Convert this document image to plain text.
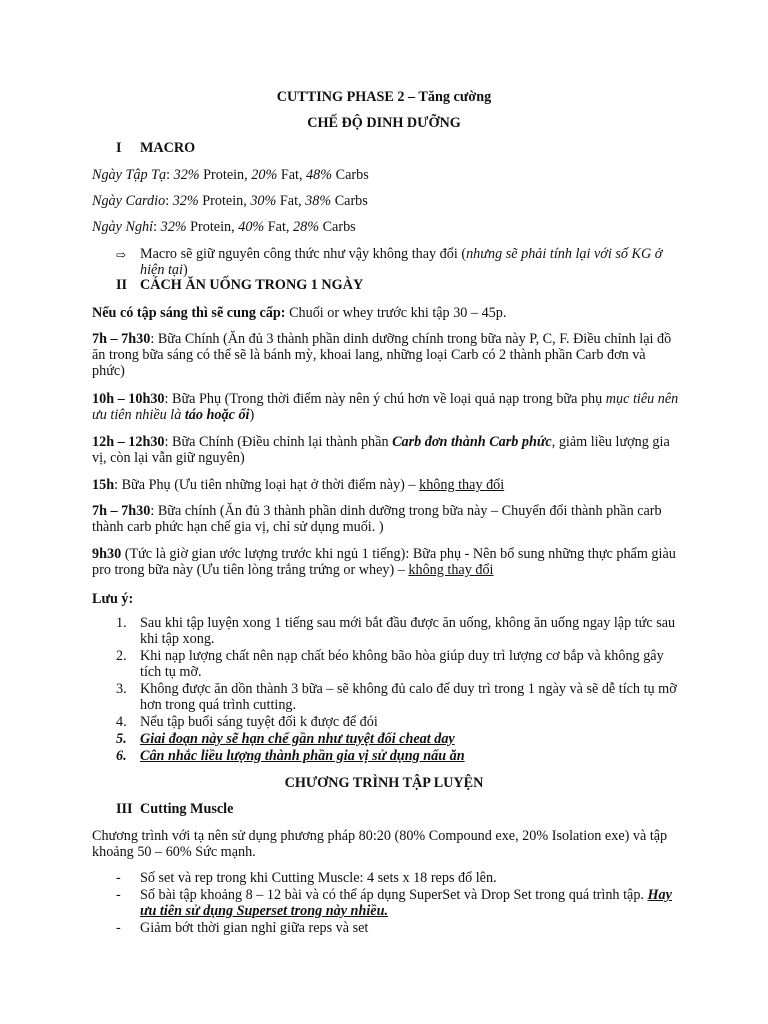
CUTTING PHASE 2 – Tăng cường
CHẾ ĐỘ DINH DƯỠNG
I MACRO
Ngày Tập Tạ: 32% Protein, 20% Fat, 48% Carbs
Ngày Cardio: 32% Protein, 30% Fat, 38% Carbs
Ngày Nghỉ: 32% Protein, 40% Fat, 28% Carbs
⇨ Macro sẽ giữ nguyên công thức như vậy không thay đổi (nhưng sẽ phải tính lại với số KG ở hiện tại)
II CÁCH ĂN UỐNG TRONG 1 NGÀY
Nếu có tập sáng thì sẽ cung cấp: Chuối or whey trước khi tập 30 – 45p.
7h – 7h30: Bữa Chính (Ăn đủ 3 thành phần dinh dưỡng chính trong bữa này P, C, F. Điều chỉnh lại đồ ăn trong bữa sáng có thể sẽ là bánh mỳ, khoai lang, những loại Carb có 2 thành phần Carb đơn và phức)
10h – 10h30: Bữa Phụ (Trong thời điểm này nên ý chú hơn về loại quả nạp trong bữa phụ mục tiêu nên ưu tiên nhiều là táo hoặc ổi)
12h – 12h30: Bữa Chính (Điều chỉnh lại thành phần Carb đơn thành Carb phức, giảm liều lượng gia vị, còn lại vẫn giữ nguyên)
15h: Bữa Phụ (Ưu tiên những loại hạt ở thời điểm này) – không thay đổi
7h – 7h30: Bữa chính (Ăn đủ 3 thành phần dinh dưỡng trong bữa này – Chuyển đổi thành phần carb thành carb phức hạn chế gia vị, chỉ sử dụng muối. )
9h30 (Tức là giờ gian ước lượng trước khi ngủ 1 tiếng): Bữa phụ - Nên bổ sung những thực phẩm giàu pro trong bữa này (Ưu tiên lòng trắng trứng or whey) – không thay đổi
Lưu ý:
1. Sau khi tập luyện xong 1 tiếng sau mới bắt đầu được ăn uống, không ăn uống ngay lập tức sau khi tập xong.
2. Khi nạp lượng chất nên nạp chất béo không bão hòa giúp duy trì lượng cơ bắp và không gây tích tụ mỡ.
3. Không được ăn dồn thành 3 bữa – sẽ không đủ calo để duy trì trong 1 ngày và sẽ dễ tích tụ mỡ hơn trong quá trình cutting.
4. Nếu tập buổi sáng tuyệt đối k được để đói
5. Giai đoạn này sẽ hạn chế gần như tuyệt đối cheat day
6. Cân nhắc liều lượng thành phần gia vị sử dụng nấu ăn
CHƯƠNG TRÌNH TẬP LUYỆN
III Cutting Muscle
Chương trình với tạ nên sử dụng phương pháp 80:20 (80% Compound exe, 20% Isolation exe) và tập khoảng 50 – 60% Sức mạnh.
- Số set và rep trong khi Cutting Muscle: 4 sets x 18 reps đổ lên.
- Số bài tập khoảng 8 – 12 bài và có thể áp dụng SuperSet và Drop Set trong quá trình tập. Hay ưu tiên sử dụng Superset trong này nhiều.
- Giảm bớt thời gian nghỉ giữa reps và set
